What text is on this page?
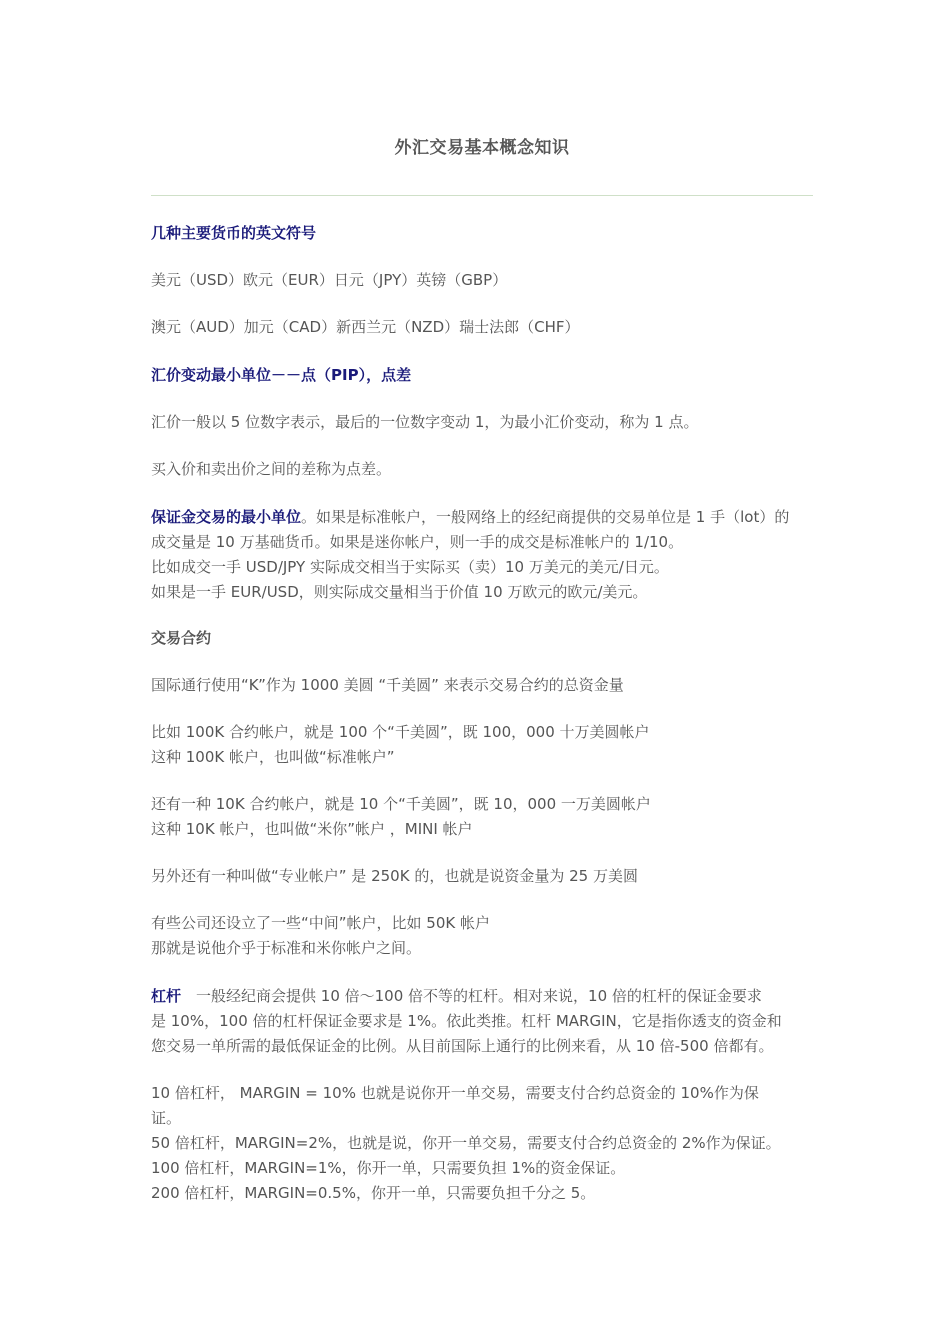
外汇交易基本概念知识
几种主要货币的英文符号
美元（USD）欧元（EUR）日元（JPY）英镑（GBP）
澳元（AUD）加元（CAD）新西兰元（NZD）瑞士法郎（CHF）
汇价变动最小单位－－点（PIP），点差
汇价一般以 5 位数字表示，最后的一位数字变动 1，为最小汇价变动，称为 1 点。
买入价和卖出价之间的差称为点差。
保证金交易的最小单位。如果是标准帐户，一般网络上的经纪商提供的交易单位是 1 手（lot）的
成交量是 10 万基础货币。如果是迷你帐户，则一手的成交是标准帐户的 1/10。
比如成交一手 USD/JPY 实际成交相当于实际买（卖）10 万美元的美元/日元。
如果是一手 EUR/USD，则实际成交量相当于价值 10 万欧元的欧元/美元。
交易合约
国际通行使用“K”作为 1000 美圆 “千美圆” 来表示交易合约的总资金量
比如 100K 合约帐户，就是 100 个“千美圆”，既 100，000 十万美圆帐户
这种 100K 帐户，也叫做“标准帐户”
还有一种 10K 合约帐户，就是 10 个“千美圆”，既 10，000 一万美圆帐户
这种 10K 帐户，也叫做“米你”帐户 ，MINI 帐户
另外还有一种叫做“专业帐户” 是 250K 的，也就是说资金量为 25 万美圆
有些公司还设立了一些“中间”帐户，比如 50K 帐户
那就是说他介乎于标准和米你帐户之间。
杠杆　一般经纪商会提供 10 倍～100 倍不等的杠杆。相对来说，10 倍的杠杆的保证金要求
是 10%，100 倍的杠杆保证金要求是 1%。依此类推。杠杆 MARGIN，它是指你透支的资金和
您交易一单所需的最低保证金的比例。从目前国际上通行的比例来看，从 10 倍-500 倍都有。
10 倍杠杆， MARGIN = 10% 也就是说你开一单交易，需要支付合约总资金的 10%作为保
证。
50 倍杠杆，MARGIN=2%，也就是说，你开一单交易，需要支付合约总资金的 2%作为保证。
100 倍杠杆，MARGIN=1%，你开一单，只需要负担 1%的资金保证。
200 倍杠杆，MARGIN=0.5%，你开一单，只需要负担千分之 5。
